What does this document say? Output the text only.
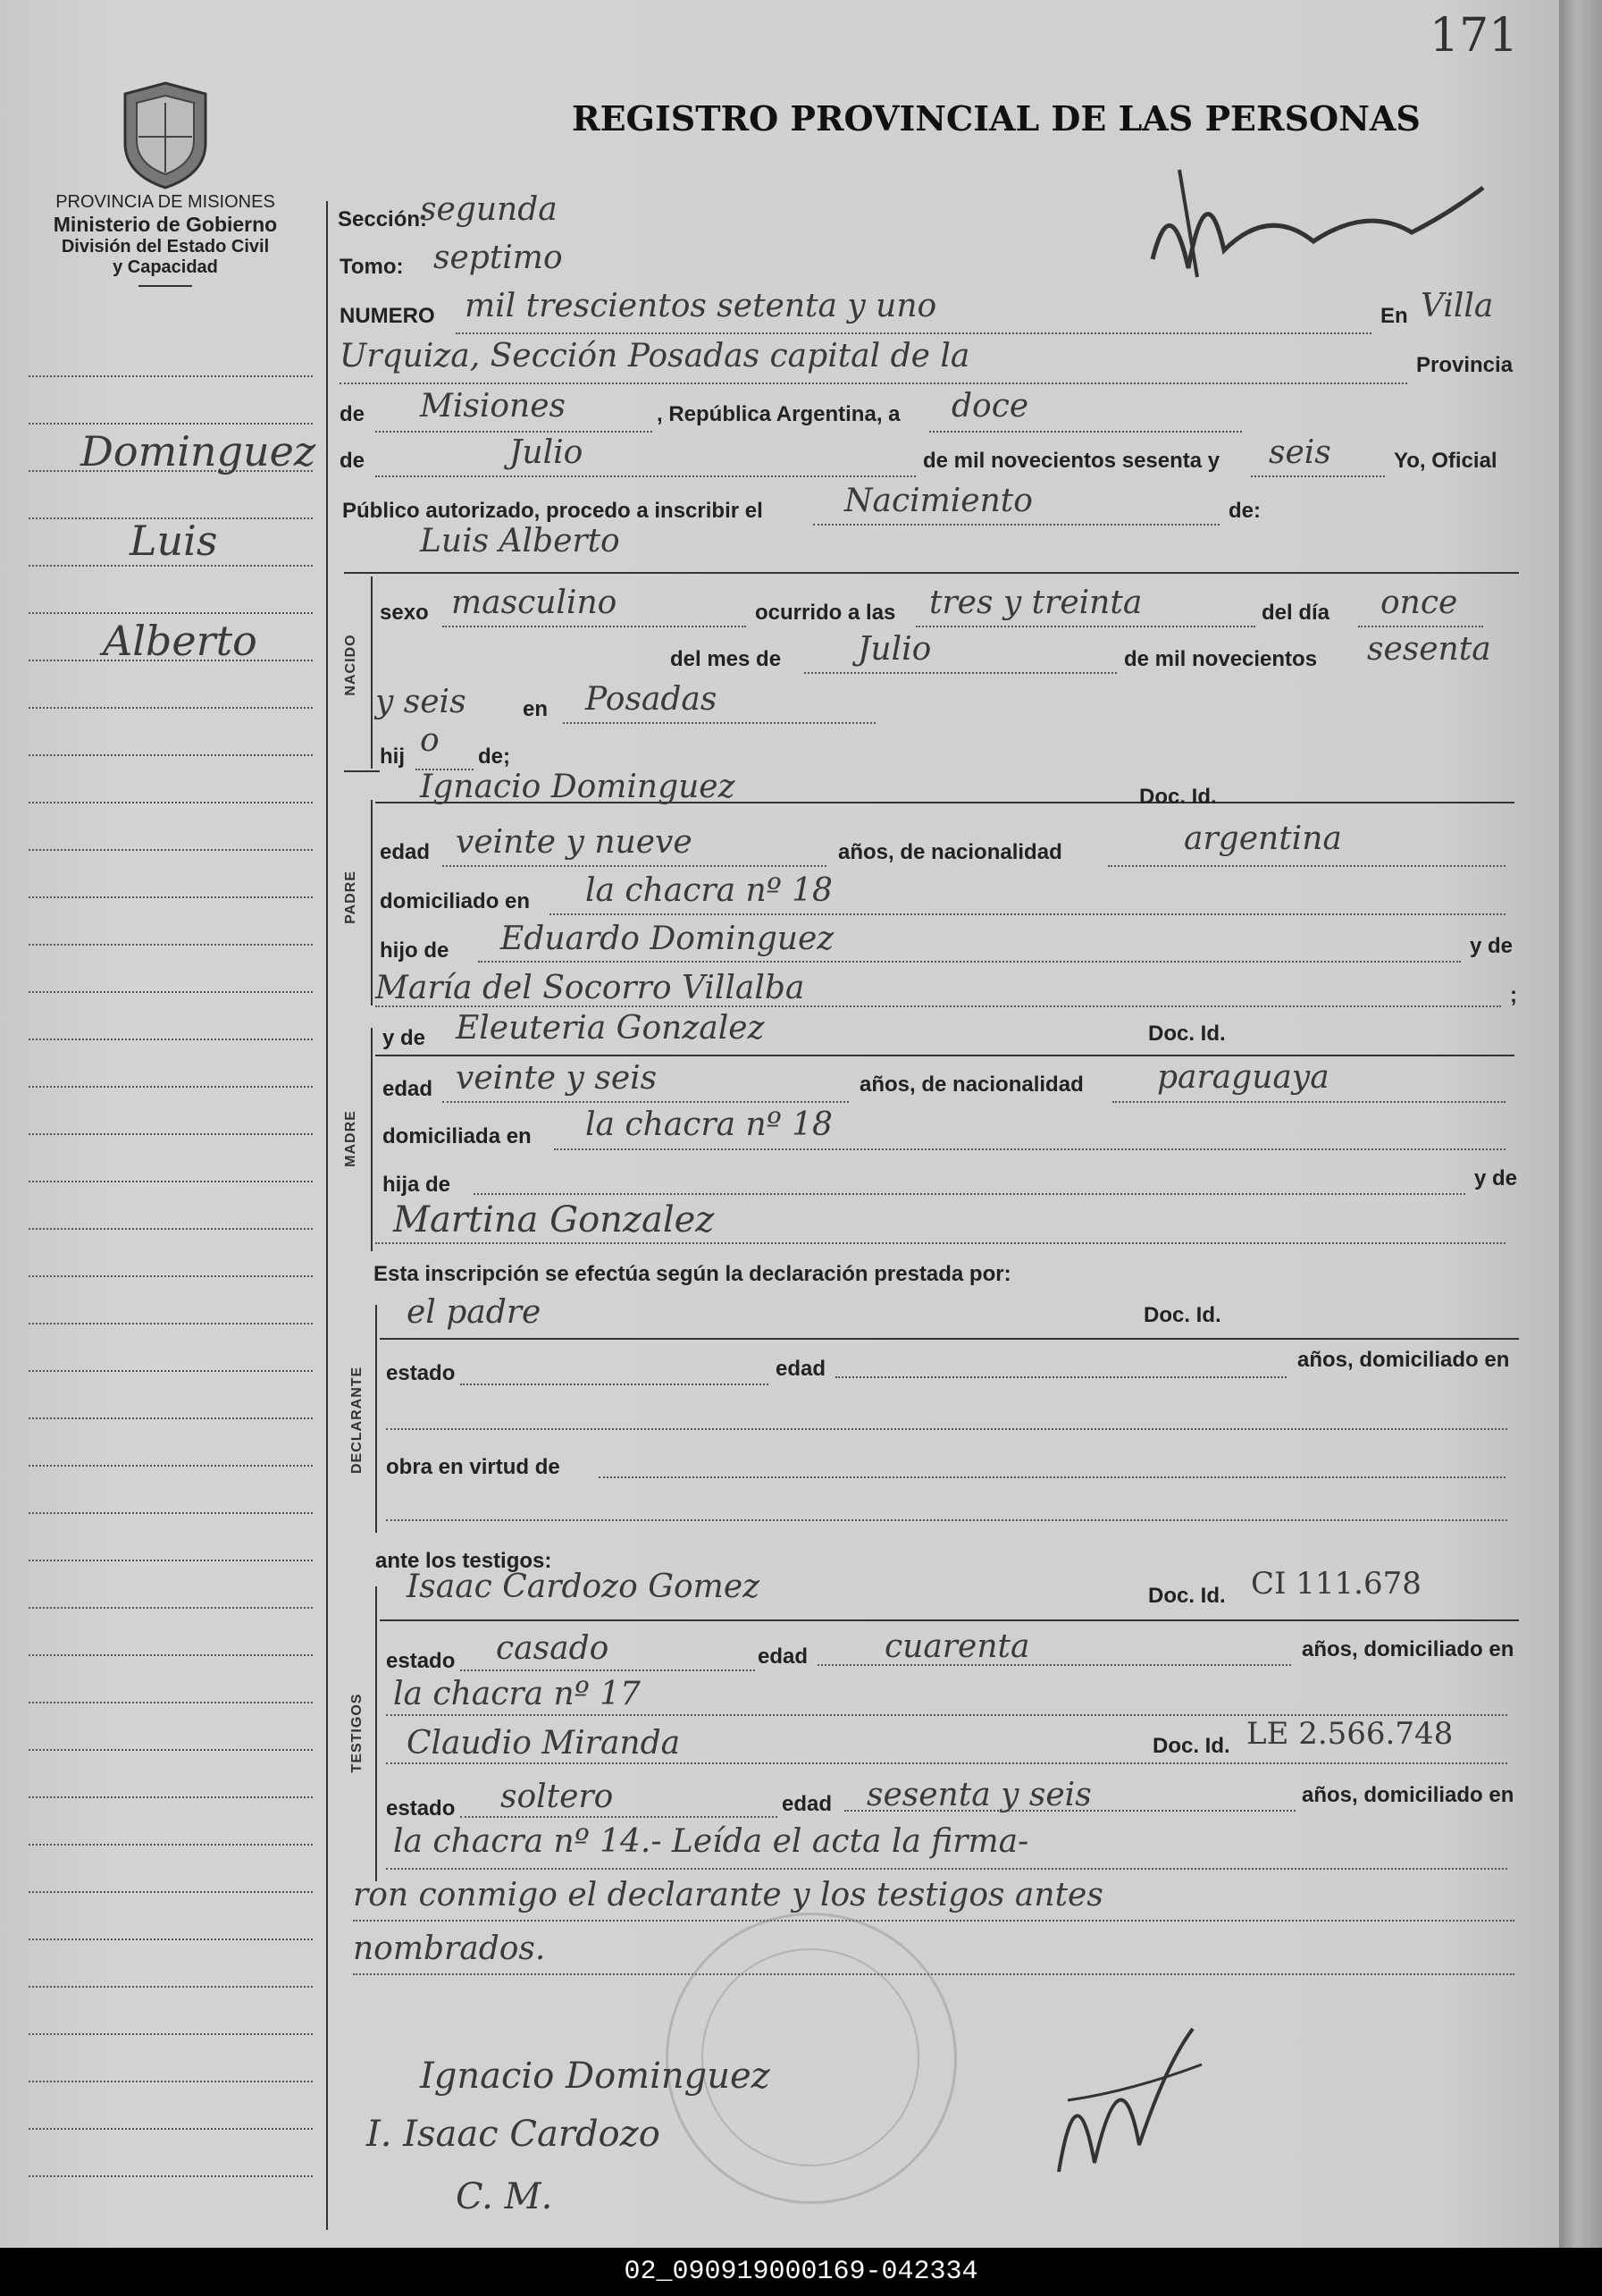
171
PROVINCIA DE MISIONES
Ministerio de Gobierno
División del Estado Civil
y Capacidad
REGISTRO PROVINCIAL DE LAS PERSONAS
Dominguez
Luis
Alberto
Sección:
segunda
Tomo: septimo
NUMERO mil trescientos setenta y uno	En Villa
Urquiza, Sección Posadas capital de la	Provincia
de Misiones	, República Argentina, a doce
de	Julio	de mil novecientos sesenta y seis	Yo, Oficial
Público autorizado, procedo a inscribir el	Nacimiento	de:
Luis Alberto
NACIDO
sexo masculino	ocurrido a las tres y treinta	del día once
del mes de Julio	de mil novecientos sesenta
y seis	en Posadas
hij o de;
PADRE
Ignacio Dominguez	Doc. Id.
edad veinte y nueve	años, de nacionalidad	argentina
domiciliado en la chacra nº 18
hijo de Eduardo Dominguez	y de
María del Socorro Villalba	;
MADRE
y de Eleuteria Gonzalez	Doc. Id.
edad veinte y seis	años, de nacionalidad paraguaya
domiciliada en la chacra nº 18
hija de	y de
Martina Gonzalez
Esta inscripción se efectúa según la declaración prestada por:
DECLARANTE
el padre	Doc. Id.
estado	edad	años, domiciliado en
obra en virtud de
ante los testigos:
TESTIGOS
Isaac Cardozo Gomez	Doc. Id. CI 111.678
estado casado	edad cuarenta	años, domiciliado en
la chacra nº 17
Claudio Miranda	Doc. Id. LE 2.566.748
estado soltero	edad sesenta y seis	años, domiciliado en
la chacra nº 14.- Leída el acta la firma-
ron conmigo el declarante y los testigos antes
nombrados.
Ignacio Dominguez
I. Isaac Cardozo
C. M.
02_090919000169-042334
